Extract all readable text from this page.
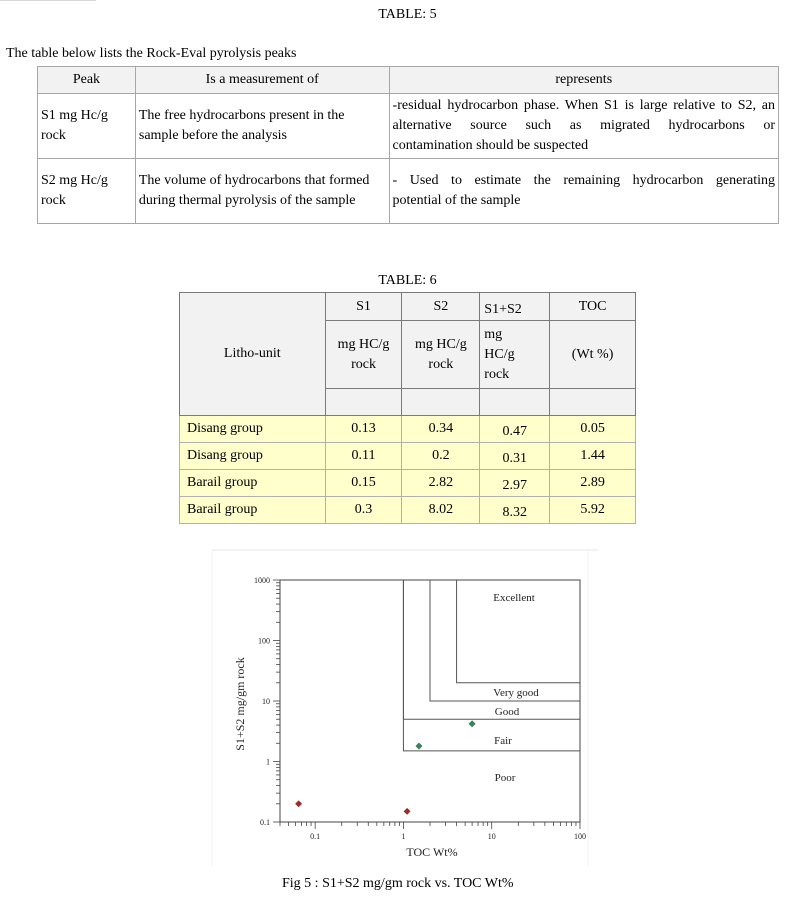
TABLE: 5
The table below lists the Rock-Eval pyrolysis peaks
Peak	Is a measurement of	represents
S1 mg Hc/g rock	The free hydrocarbons present in the sample before the analysis	-residual hydrocarbon phase. When S1 is large relative to S2, an alternative source such as migrated hydrocarbons or
contamination should be suspected

S2 mg Hc/g rock	The volume of hydrocarbons that formed during thermal pyrolysis of the sample	- Used to estimate the remaining hydrocarbon generating
potential of the sample
TABLE: 6
Litho-unit	S1	S2	S1+S2	TOC
	mg HC/g rock	mg HC/g rock	mg HC/g rock	(Wt %)

Disang group	0.13	0.34	0.47	0.05
Disang group	0.11	0.2	0.31	1.44
Barail group	0.15	2.82	2.97	2.89
Barail group	0.3	8.02	8.32	5.92
Poor
Fair
Good
Very good
Excellent
1000
100
10
1
0.1
0.1	1	10	100
TOC Wt%
S1+S2 mg/gm rock
Fig 5 : S1+S2 mg/gm rock vs. TOC Wt%
